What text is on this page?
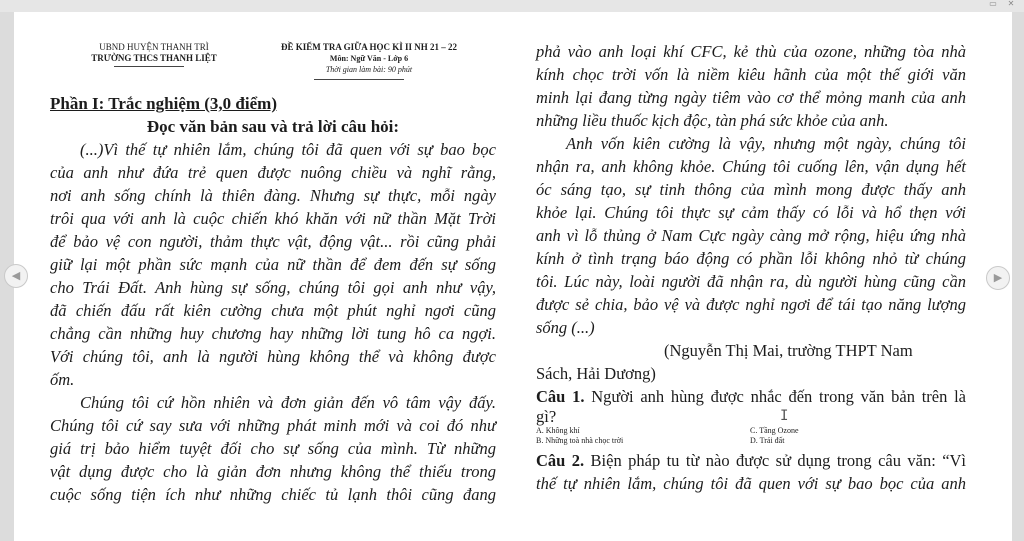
▭	✕
UBND HUYỆN THANH TRÌ
TRƯỜNG THCS THANH LIỆT
ĐỀ KIỂM TRA GIỮA HỌC KÌ II NH 21 – 22
Môn: Ngữ Văn - Lớp 6
Thời gian làm bài: 90 phút
Phần I: Trắc nghiệm (3,0 điểm)
Đọc văn bản sau và trả lời câu hỏi:
(...)Vì thế tự nhiên lắm, chúng tôi đã quen với sự bao bọc
của anh như đứa trẻ quen được nuông chiều và nghĩ rằng,
nơi anh sống chính là thiên đàng. Nhưng sự thực, mỗi ngày
trôi qua với anh là cuộc chiến khó khăn với nữ thần Mặt Trời
để bảo vệ con người, thảm thực vật, động vật... rồi cũng phải
giữ lại một phần sức mạnh của nữ thần để đem đến sự sống
cho Trái Đất. Anh hùng sự sống, chúng tôi gọi anh như vậy,
đã chiến đấu rất kiên cường chưa một phút nghỉ ngơi cũng
chẳng cần những huy chương hay những lời tung hô ca ngợi.
Với chúng tôi, anh là người hùng không thể và không được
ốm.
Chúng tôi cứ hồn nhiên và đơn giản đến vô tâm vậy đấy.
Chúng tôi cứ say sưa với những phát minh mới và coi đó như
giá trị bảo hiểm tuyệt đối cho sự sống của mình. Từ những
vật dụng được cho là giản đơn nhưng không thể thiếu trong
cuộc sống tiện ích như những chiếc tủ lạnh thôi cũng đang
phả vào anh loại khí CFC, kẻ thù của ozone, những tòa nhà
kính chọc trời vốn là niềm kiêu hãnh của một thế giới văn
minh lại đang từng ngày tiêm vào cơ thể mỏng manh của anh
những liều thuốc kịch độc, tàn phá sức khỏe của anh.
Anh vốn kiên cường là vậy, nhưng một ngày, chúng tôi
nhận ra, anh không khỏe. Chúng tôi cuống lên, vận dụng hết
óc sáng tạo, sự tinh thông của mình mong được thấy anh
khỏe lại. Chúng tôi thực sự cảm thấy có lỗi và hổ thẹn với
anh vì lỗ thủng ở Nam Cực ngày càng mở rộng, hiệu ứng nhà
kính ở tình trạng báo động có phần lỗi không nhỏ từ chúng
tôi. Lúc này, loài người đã nhận ra, dù người hùng cũng cần
được sẻ chia, bảo vệ và được nghỉ ngơi để tái tạo năng lượng
sống (...)
(Nguyễn Thị Mai, trường THPT Nam
Sách, Hải Dương)
Câu 1. Người anh hùng được nhắc đến trong văn bản trên là
gì?
A. Không khí
B. Những toà nhà chọc trời
C. Tầng Ozone
D. Trái đất
Câu 2. Biện pháp tu từ nào được sử dụng trong câu văn: “Vì
thế tự nhiên lắm, chúng tôi đã quen với sự bao bọc của anh
◀	▶
I
